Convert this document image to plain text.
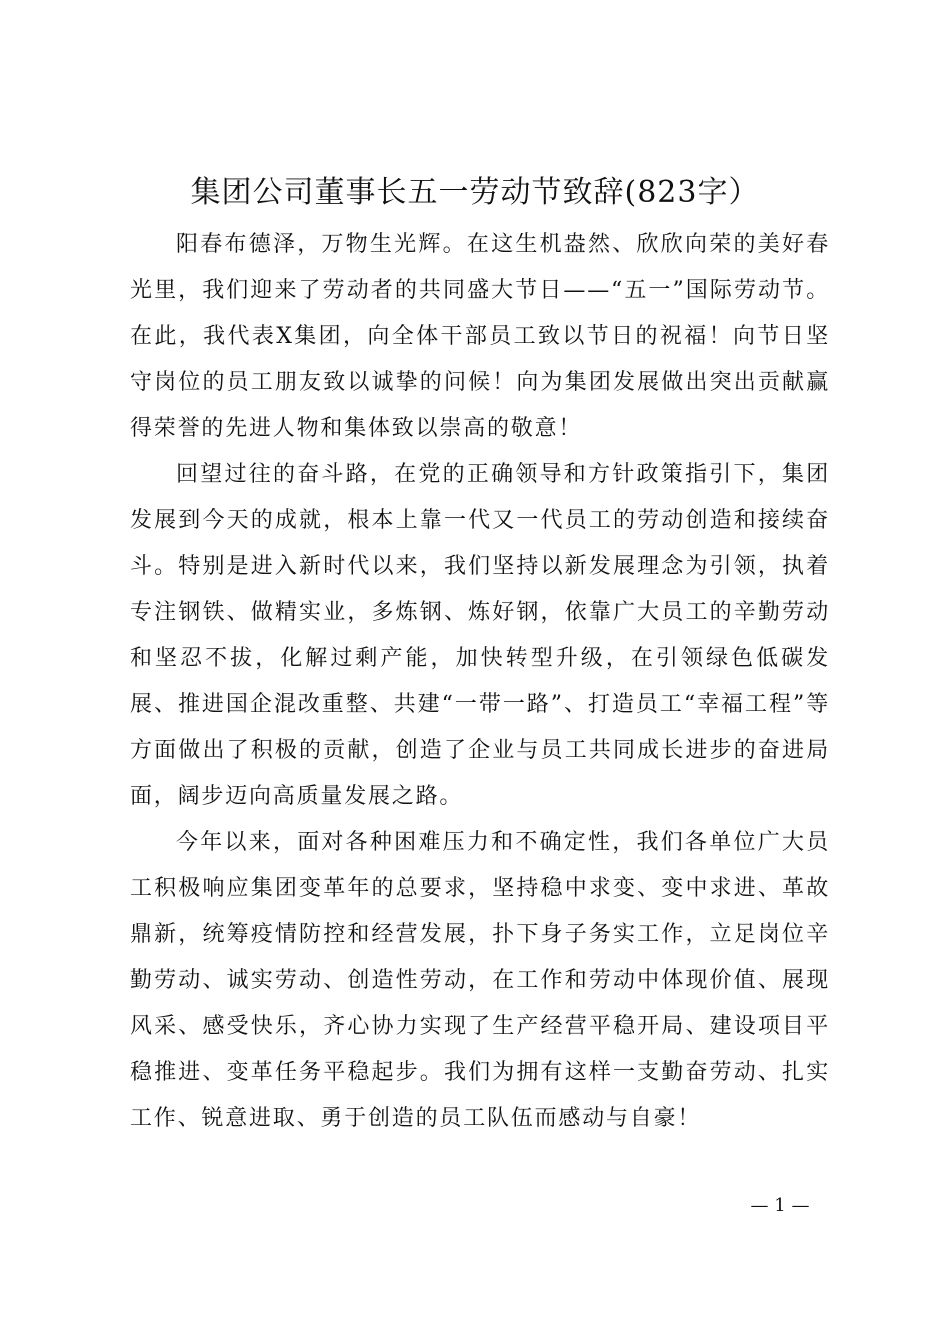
集团公司董事长五一劳动节致辞(823字）

阳春布德泽，万物生光辉。在这生机盎然、欣欣向荣的美好春光里，我们迎来了劳动者的共同盛大节日——“五一”国际劳动节。在此，我代表X集团，向全体干部员工致以节日的祝福！向节日坚守岗位的员工朋友致以诚挚的问候！向为集团发展做出突出贡献赢得荣誉的先进人物和集体致以崇高的敬意！

回望过往的奋斗路，在党的正确领导和方针政策指引下，集团发展到今天的成就，根本上靠一代又一代员工的劳动创造和接续奋斗。特别是进入新时代以来，我们坚持以新发展理念为引领，执着专注钢铁、做精实业，多炼钢、炼好钢，依靠广大员工的辛勤劳动和坚忍不拔，化解过剩产能，加快转型升级，在引领绿色低碳发展、推进国企混改重整、共建“一带一路”、打造员工“幸福工程”等方面做出了积极的贡献，创造了企业与员工共同成长进步的奋进局面，阔步迈向高质量发展之路。

今年以来，面对各种困难压力和不确定性，我们各单位广大员工积极响应集团变革年的总要求，坚持稳中求变、变中求进、革故鼎新，统筹疫情防控和经营发展，扑下身子务实工作，立足岗位辛勤劳动、诚实劳动、创造性劳动，在工作和劳动中体现价值、展现风采、感受快乐，齐心协力实现了生产经营平稳开局、建设项目平稳推进、变革任务平稳起步。我们为拥有这样一支勤奋劳动、扎实工作、锐意进取、勇于创造的员工队伍而感动与自豪！

— 1 —
